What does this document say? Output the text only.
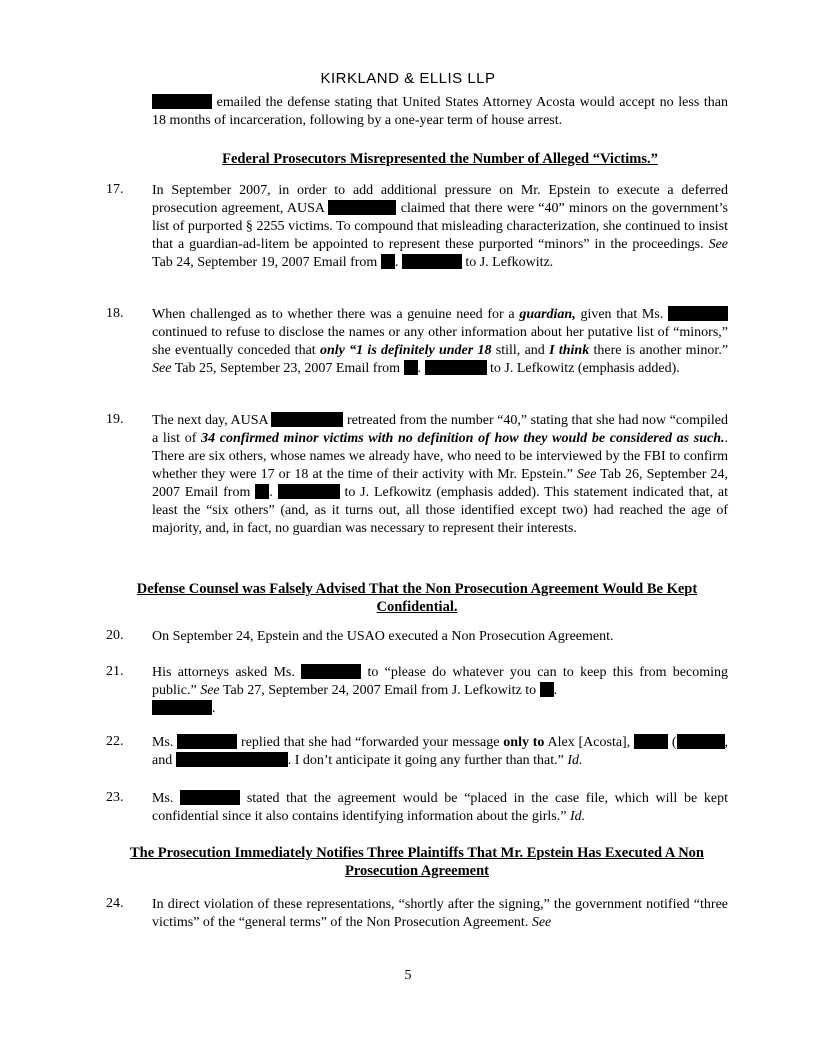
KIRKLAND & ELLIS LLP
emailed the defense stating that United States Attorney Acosta would accept no less than 18 months of incarceration, following by a one-year term of house arrest.
Federal Prosecutors Misrepresented the Number of Alleged “Victims.”
17. In September 2007, in order to add additional pressure on Mr. Epstein to execute a deferred prosecution agreement, AUSA	claimed that there were “40” minors on the government’s list of purported § 2255 victims. To compound that misleading characterization, she continued to insist that a guardian-ad-litem be appointed to represent these purported “minors” in the proceedings. See Tab 24, September 19, 2007 Email from .	to J. Lefkowitz.
18. When challenged as to whether there was a genuine need for a guardian, given that Ms.  continued to refuse to disclose the names or any other information about her putative list of “minors,” she eventually conceded that only “1 is definitely under 18 still, and I think there is another minor.” See Tab 25, September 23, 2007 Email from .	to J. Lefkowitz (emphasis added).
19. The next day, AUSA	retreated from the number “40,” stating that she had now “compiled a list of 34 confirmed minor victims with no definition of how they would be considered as such.. There are six others, whose names we already have, who need to be interviewed by the FBI to confirm whether they were 17 or 18 at the time of their activity with Mr. Epstein.” See Tab 26, September 24, 2007 Email from .	to J. Lefkowitz (emphasis added). This statement indicated that, at least the “six others” (and, as it turns out, all those identified except two) had reached the age of majority, and, in fact, no guardian was necessary to represent their interests.
Defense Counsel was Falsely Advised That the Non Prosecution Agreement Would Be Kept Confidential.
20. On September 24, Epstein and the USAO executed a Non Prosecution Agreement.
21. His attorneys asked Ms.	to “please do whatever you can to keep this from becoming public.” See Tab 27, September 24, 2007 Email from J. Lefkowitz to .
.
22. Ms.	replied that she had “forwarded your message only to Alex [Acosta],	(	, and	. I don’t anticipate it going any further than that.” Id.
23. Ms.	stated that the agreement would be “placed in the case file, which will be kept confidential since it also contains identifying information about the girls.” Id.
The Prosecution Immediately Notifies Three Plaintiffs That Mr. Epstein Has Executed A Non Prosecution Agreement
24. In direct violation of these representations, “shortly after the signing,” the government notified “three victims” of the “general terms” of the Non Prosecution Agreement. See
5
